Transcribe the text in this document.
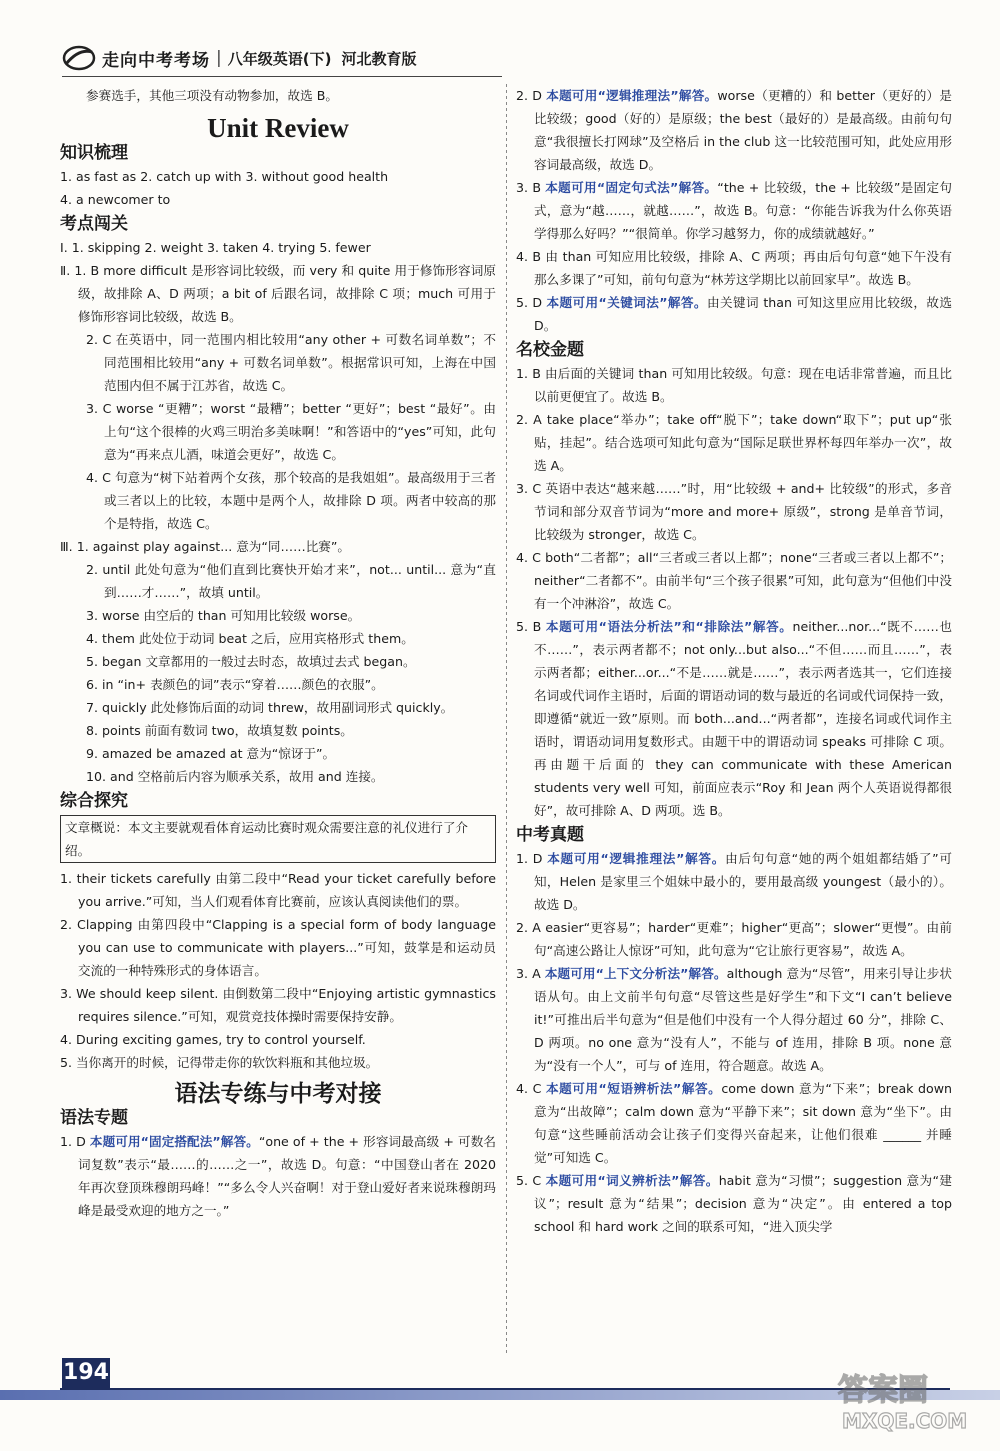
走向中考考场 | 八年级英语(下) 河北教育版

参赛选手，其他三项没有动物参加，故选 B。

Unit Review
知识梳理

1. as fast as 2. catch up with 3. without good health

4. a newcomer to

考点闯关

Ⅰ. 1. skipping 2. weight 3. taken 4. trying 5. fewer

Ⅱ. 1. B more difficult 是形容词比较级，而 very 和 quite 用于修饰形容词原级，故排除 A、D 两项；a bit of 后跟名词，故排除 C 项；much 可用于修饰形容词比较级，故选 B。

2. C 在英语中，同一范围内相比较用“any other + 可数名词单数”；不同范围相比较用“any + 可数名词单数”。根据常识可知，上海在中国范围内但不属于江苏省，故选 C。

3. C worse “更糟”；worst “最糟”；better “更好”；best “最好”。由上句“这个很棒的火鸡三明治多美味啊！”和答语中的“yes”可知，此句意为“再来点儿酒，味道会更好”，故选 C。

4. C 句意为“树下站着两个女孩，那个较高的是我姐姐”。最高级用于三者或三者以上的比较，本题中是两个人，故排除 D 项。两者中较高的那个是特指，故选 C。

Ⅲ. 1. against play against... 意为“同……比赛”。

2. until 此处句意为“他们直到比赛快开始才来”，not... until... 意为“直到……才……”，故填 until。

3. worse 由空后的 than 可知用比较级 worse。

4. them 此处位于动词 beat 之后，应用宾格形式 them。

5. began 文章都用的一般过去时态，故填过去式 began。

6. in “in+ 表颜色的词”表示“穿着……颜色的衣服”。

7. quickly 此处修饰后面的动词 threw，故用副词形式 quickly。

8. points 前面有数词 two，故填复数 points。

9. amazed be amazed at 意为“惊讶于”。

10. and 空格前后内容为顺承关系，故用 and 连接。

综合探究
文章概说：本文主要就观看体育运动比赛时观众需要注意的礼仪进行了介绍。

1. their tickets carefully 由第二段中“Read your ticket carefully before you arrive.”可知，当人们观看体育比赛前，应该认真阅读他们的票。

2. Clapping 由第四段中“Clapping is a special form of body language you can use to communicate with players...”可知，鼓掌是和运动员交流的一种特殊形式的身体语言。

3. We should keep silent. 由倒数第二段中“Enjoying artistic gymnastics requires silence.”可知，观赏竞技体操时需要保持安静。

4. During exciting games, try to control yourself.

5. 当你离开的时候，记得带走你的软饮料瓶和其他垃圾。

语法专练与中考对接
语法专题

1. D 本题可用“固定搭配法”解答。“one of + the + 形容词最高级 + 可数名词复数”表示“最……的……之一”，故选 D。句意：“中国登山者在 2020 年再次登顶珠穆朗玛峰！”“多么令人兴奋啊！对于登山爱好者来说珠穆朗玛峰是最受欢迎的地方之一。”

2. D 本题可用“逻辑推理法”解答。worse（更糟的）和 better（更好的）是比较级；good（好的）是原级；the best（最好的）是最高级。由前句句意“我很擅长打网球”及空格后 in the club 这一比较范围可知，此处应用形容词最高级，故选 D。

3. B 本题可用“固定句式法”解答。“the + 比较级，the + 比较级”是固定句式，意为“越……，就越……”，故选 B。句意：“你能告诉我为什么你英语学得那么好吗？”“很简单。你学习越努力，你的成绩就越好。”

4. B 由 than 可知应用比较级，排除 A、C 两项；再由后句句意“她下午没有那么多课了”可知，前句句意为“林芳这学期比以前回家早”。故选 B。

5. D 本题可用“关键词法”解答。由关键词 than 可知这里应用比较级，故选 D。

名校金题

1. B 由后面的关键词 than 可知用比较级。句意：现在电话非常普遍，而且比以前更便宜了。故选 B。

2. A take place“举办”；take off“脱下”；take down“取下”；put up“张贴，挂起”。结合选项可知此句意为“国际足联世界杯每四年举办一次”，故选 A。

3. C 英语中表达“越来越……”时，用“比较级 + and+ 比较级”的形式，多音节词和部分双音节词为“more and more+ 原级”，strong 是单音节词，比较级为 stronger，故选 C。

4. C both“二者都”；all“三者或三者以上都”；none“三者或三者以上都不”；neither“二者都不”。由前半句“三个孩子很累”可知，此句意为“但他们中没有一个冲淋浴”，故选 C。

5. B 本题可用“语法分析法”和“排除法”解答。neither...nor...“既不……也不……”，表示两者都不；not only...but also...“不但……而且……”，表示两者都；either...or...“不是……就是……”，表示两者选其一，它们连接名词或代词作主语时，后面的谓语动词的数与最近的名词或代词保持一致，即遵循“就近一致”原则。而 both...and...“两者都”，连接名词或代词作主语时，谓语动词用复数形式。由题干中的谓语动词 speaks 可排除 C 项。再由题干后面的 they can communicate with these American students very well 可知，前面应表示“Roy 和 Jean 两个人英语说得都很好”，故可排除 A、D 两项。选 B。

中考真题

1. D 本题可用“逻辑推理法”解答。由后句句意“她的两个姐姐都结婚了”可知，Helen 是家里三个姐妹中最小的，要用最高级 youngest（最小的）。故选 D。

2. A easier“更容易”；harder“更难”；higher“更高”；slower“更慢”。由前句“高速公路让人惊讶”可知，此句意为“它让旅行更容易”，故选 A。

3. A 本题可用“上下文分析法”解答。although 意为“尽管”，用来引导让步状语从句。由上文前半句句意“尽管这些是好学生”和下文“I can’t believe it!”可推出后半句意为“但是他们中没有一个人得分超过 60 分”，排除 C、D 两项。no one 意为“没有人”，不能与 of 连用，排除 B 项。none 意为“没有一个人”，可与 of 连用，符合题意。故选 A。

4. C 本题可用“短语辨析法”解答。come down 意为“下来”；break down 意为“出故障”；calm down 意为“平静下来”；sit down 意为“坐下”。由句意“这些睡前活动会让孩子们变得兴奋起来，让他们很难 ______ 并睡觉”可知选 C。

5. C 本题可用“词义辨析法”解答。habit 意为“习惯”；suggestion 意为“建议”；result 意为“结果”；decision 意为“决定”。由 entered a top school 和 hard work 之间的联系可知，“进入顶尖学

194
答案圈
MXQE.COM
